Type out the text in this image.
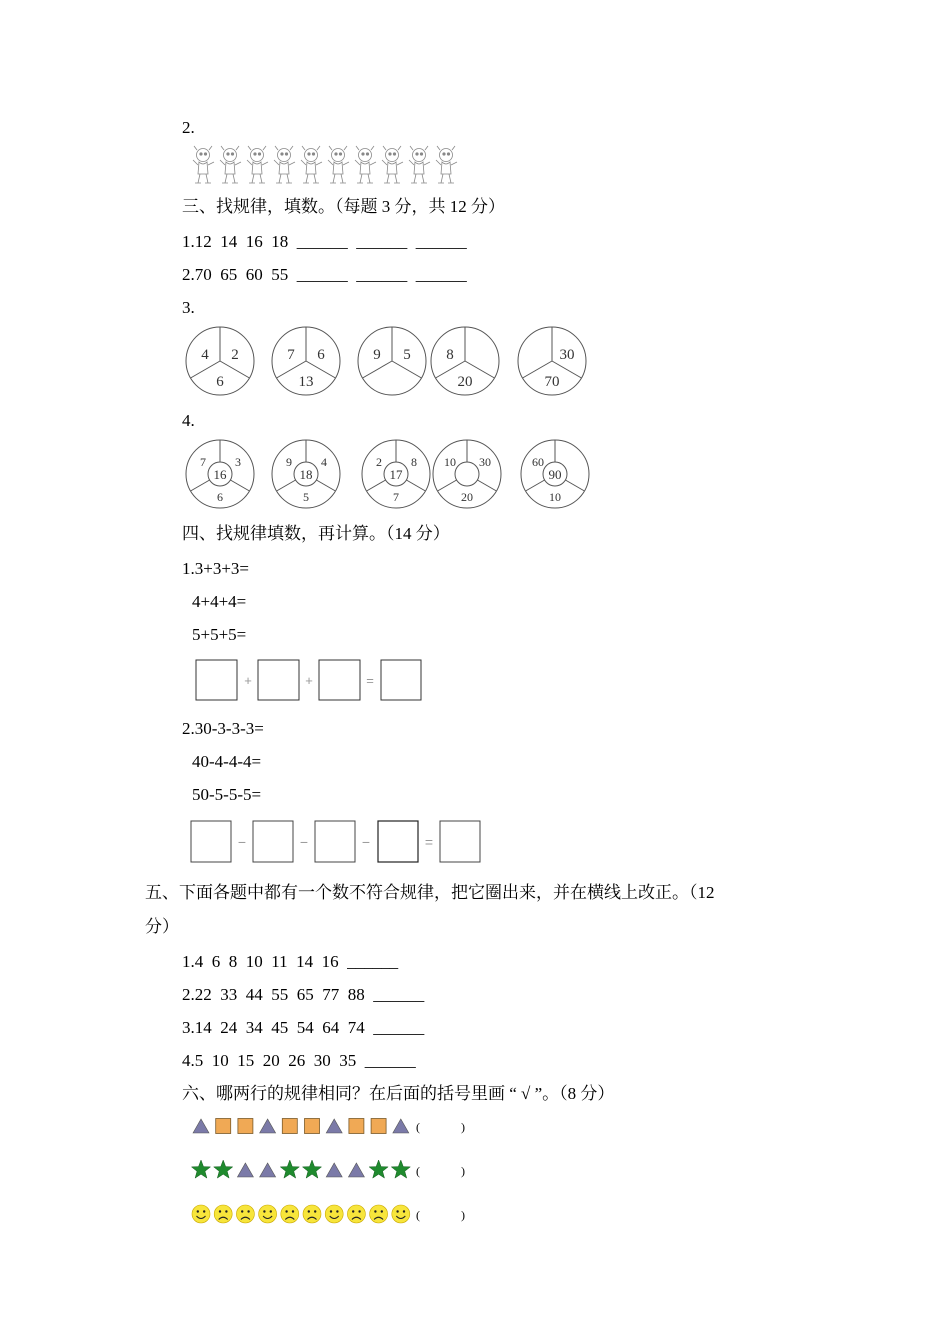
2.
三、找规律，填数。（每题 3 分，共 12 分）
1.12  14  16  18  ______  ______  ______
2.70  65  60  55  ______  ______  ______
3.
4 2
6
7 6
13
9 5 8
20
30
70
4.
7 3
6
16
9 4
5
18
2 8
7
17
10 30
20
60
10
90
四、找规律填数，再计算。（14 分）
1.3+3+3=
4+4+4=
5+5+5=
+	+	=
2.30-3-3-3=
40-4-4-4=
50-5-5-5=
−	−	−	=
五、下面各题中都有一个数不符合规律，把它圈出来，并在横线上改正。（12
分）
1.4  6  8  10  11  14  16  ______
2.22  33  44  55  65  77  88  ______
3.14  24  34  45  54  64  74  ______
4.5  10  15  20  26  30  35  ______
六、哪两行的规律相同？在后面的括号里画 “ √ ”。（8 分）
(	)
(	)
(	)
